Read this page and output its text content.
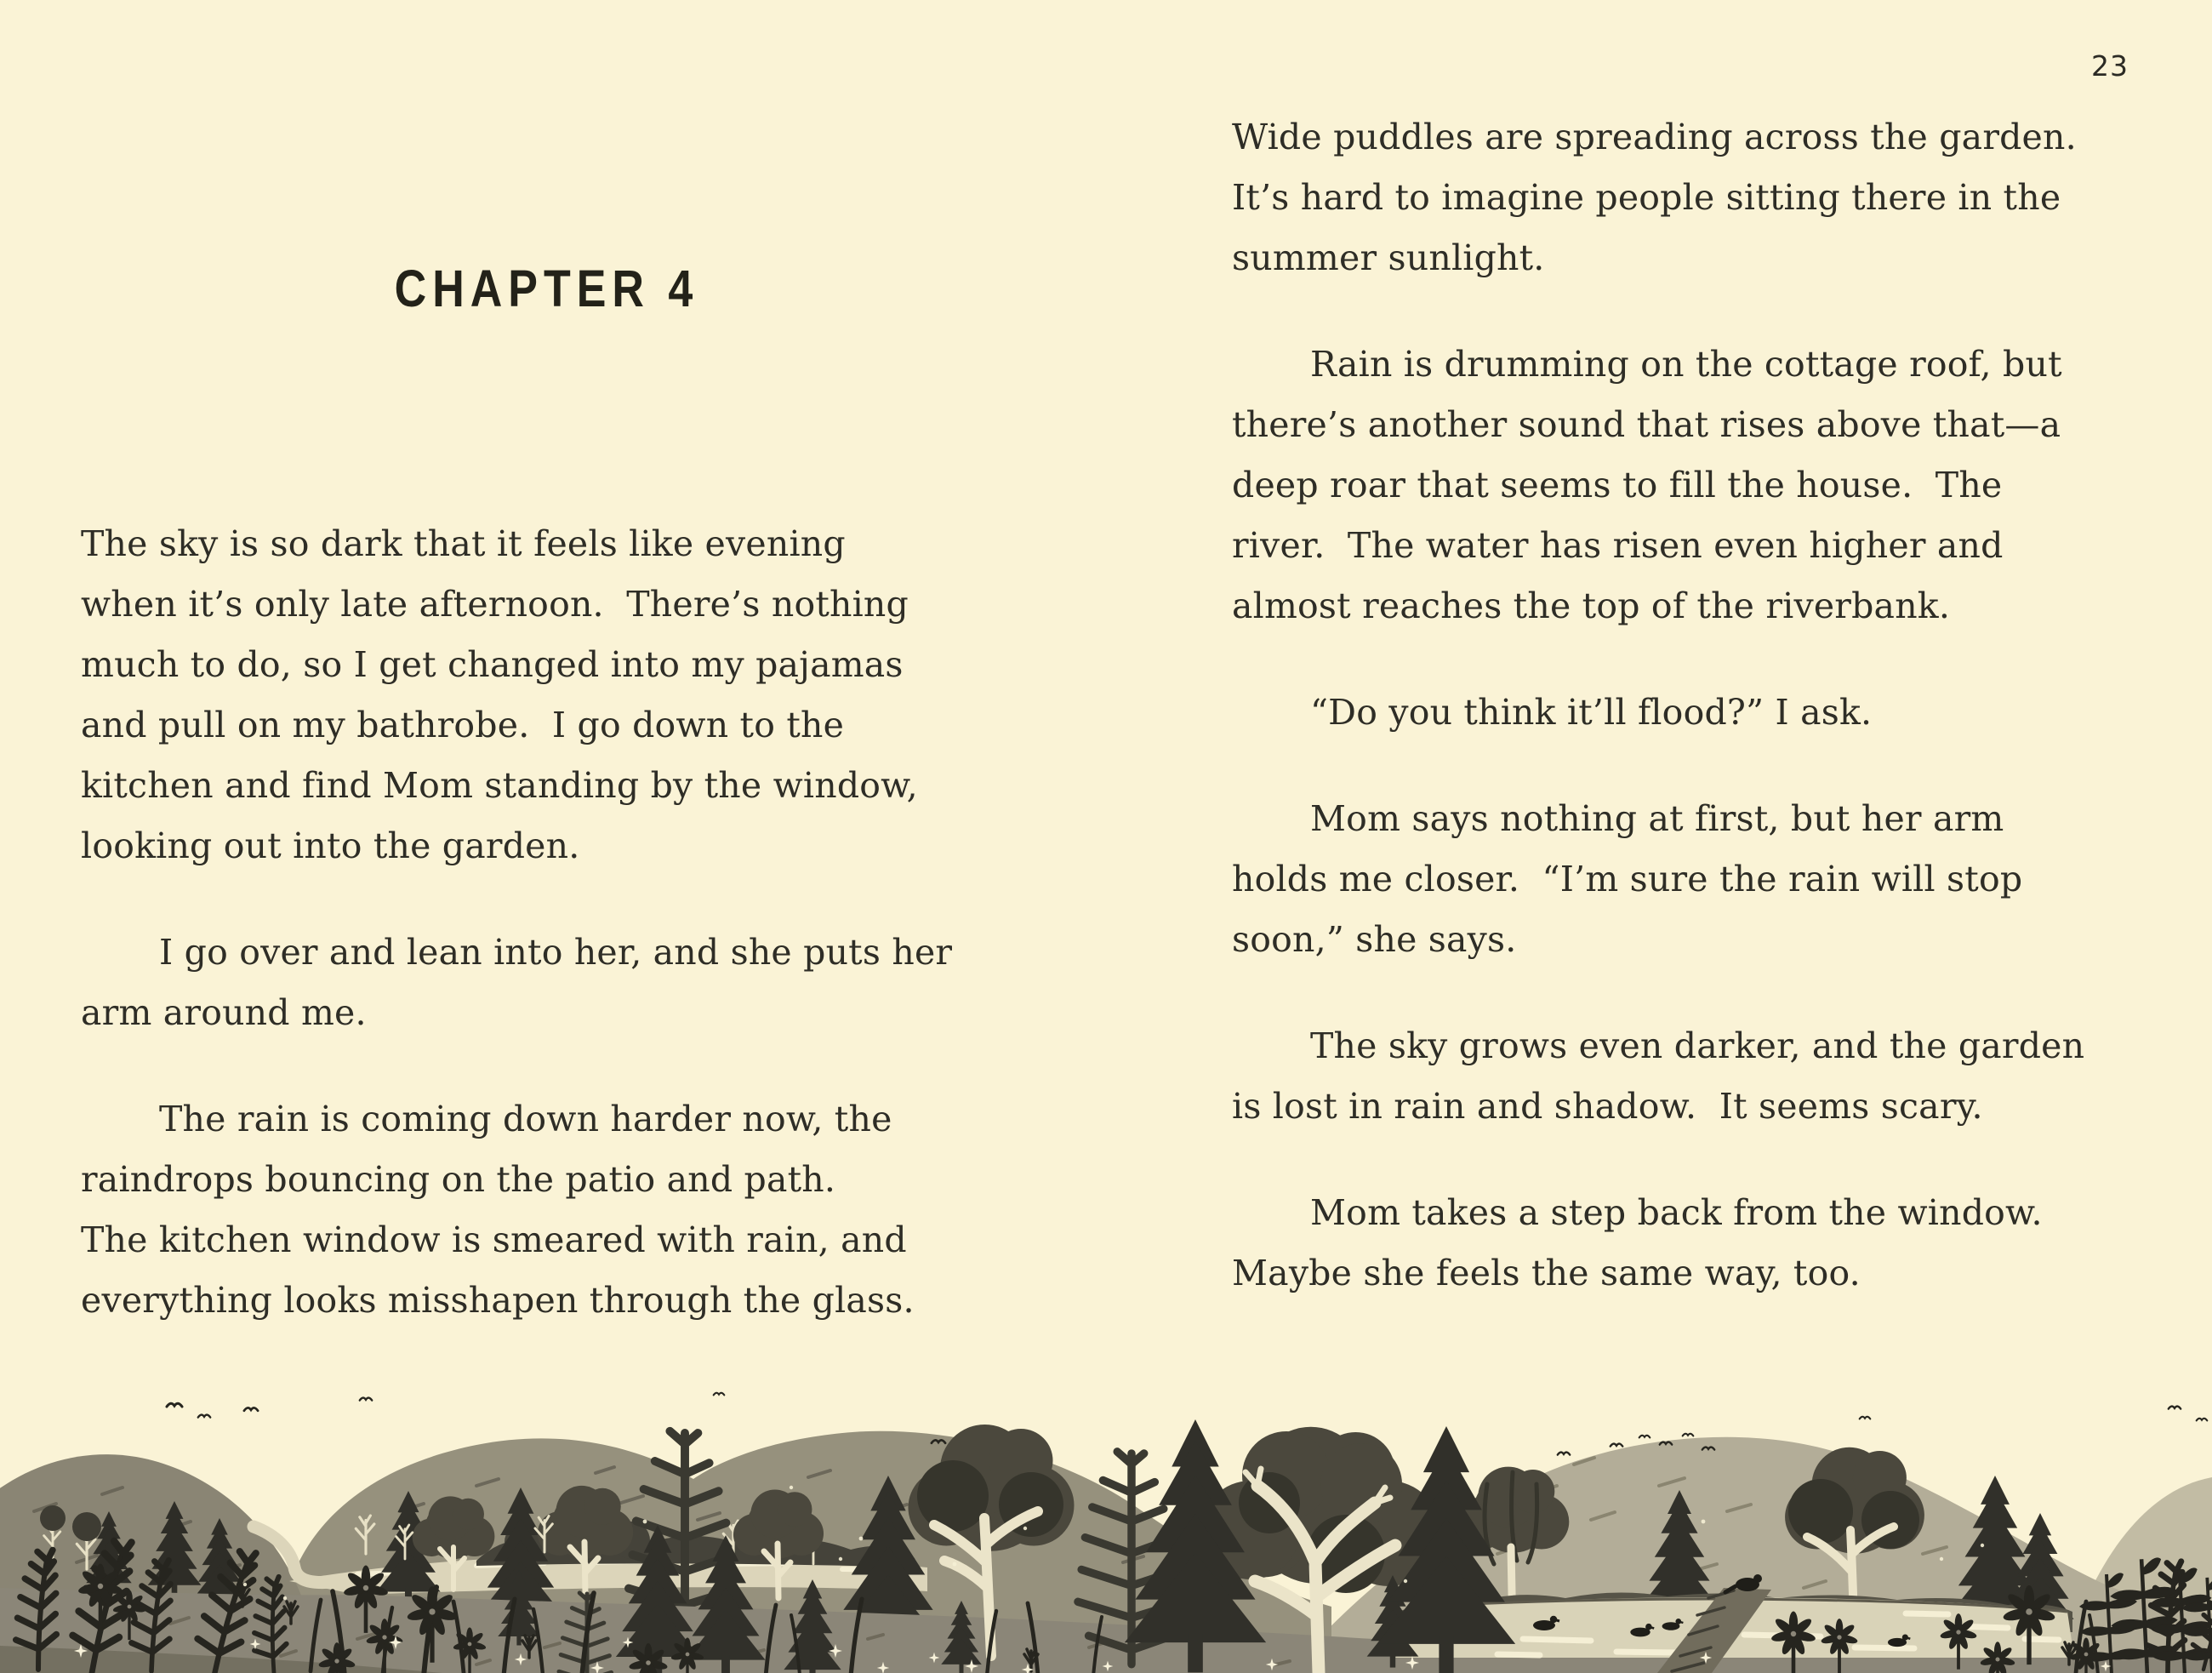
23
CHAPTER 4
The sky is so dark that it feels like evening
when it’s only late afternoon.  There’s nothing
much to do, so I get changed into my pajamas
and pull on my bathrobe.  I go down to the
kitchen and find Mom standing by the window,
looking out into the garden.
I go over and lean into her, and she puts her
arm around me.
The rain is coming down harder now, the
raindrops bouncing on the patio and path.
The kitchen window is smeared with rain, and
everything looks misshapen through the glass.
Wide puddles are spreading across the garden.
It’s hard to imagine people sitting there in the
summer sunlight.
Rain is drumming on the cottage roof, but
there’s another sound that rises above that—a
deep roar that seems to fill the house.  The
river.  The water has risen even higher and
almost reaches the top of the riverbank.
“Do you think it’ll flood?” I ask.
Mom says nothing at first, but her arm
holds me closer.  “I’m sure the rain will stop
soon,” she says.
The sky grows even darker, and the garden
is lost in rain and shadow.  It seems scary.
Mom takes a step back from the window.
Maybe she feels the same way, too.
